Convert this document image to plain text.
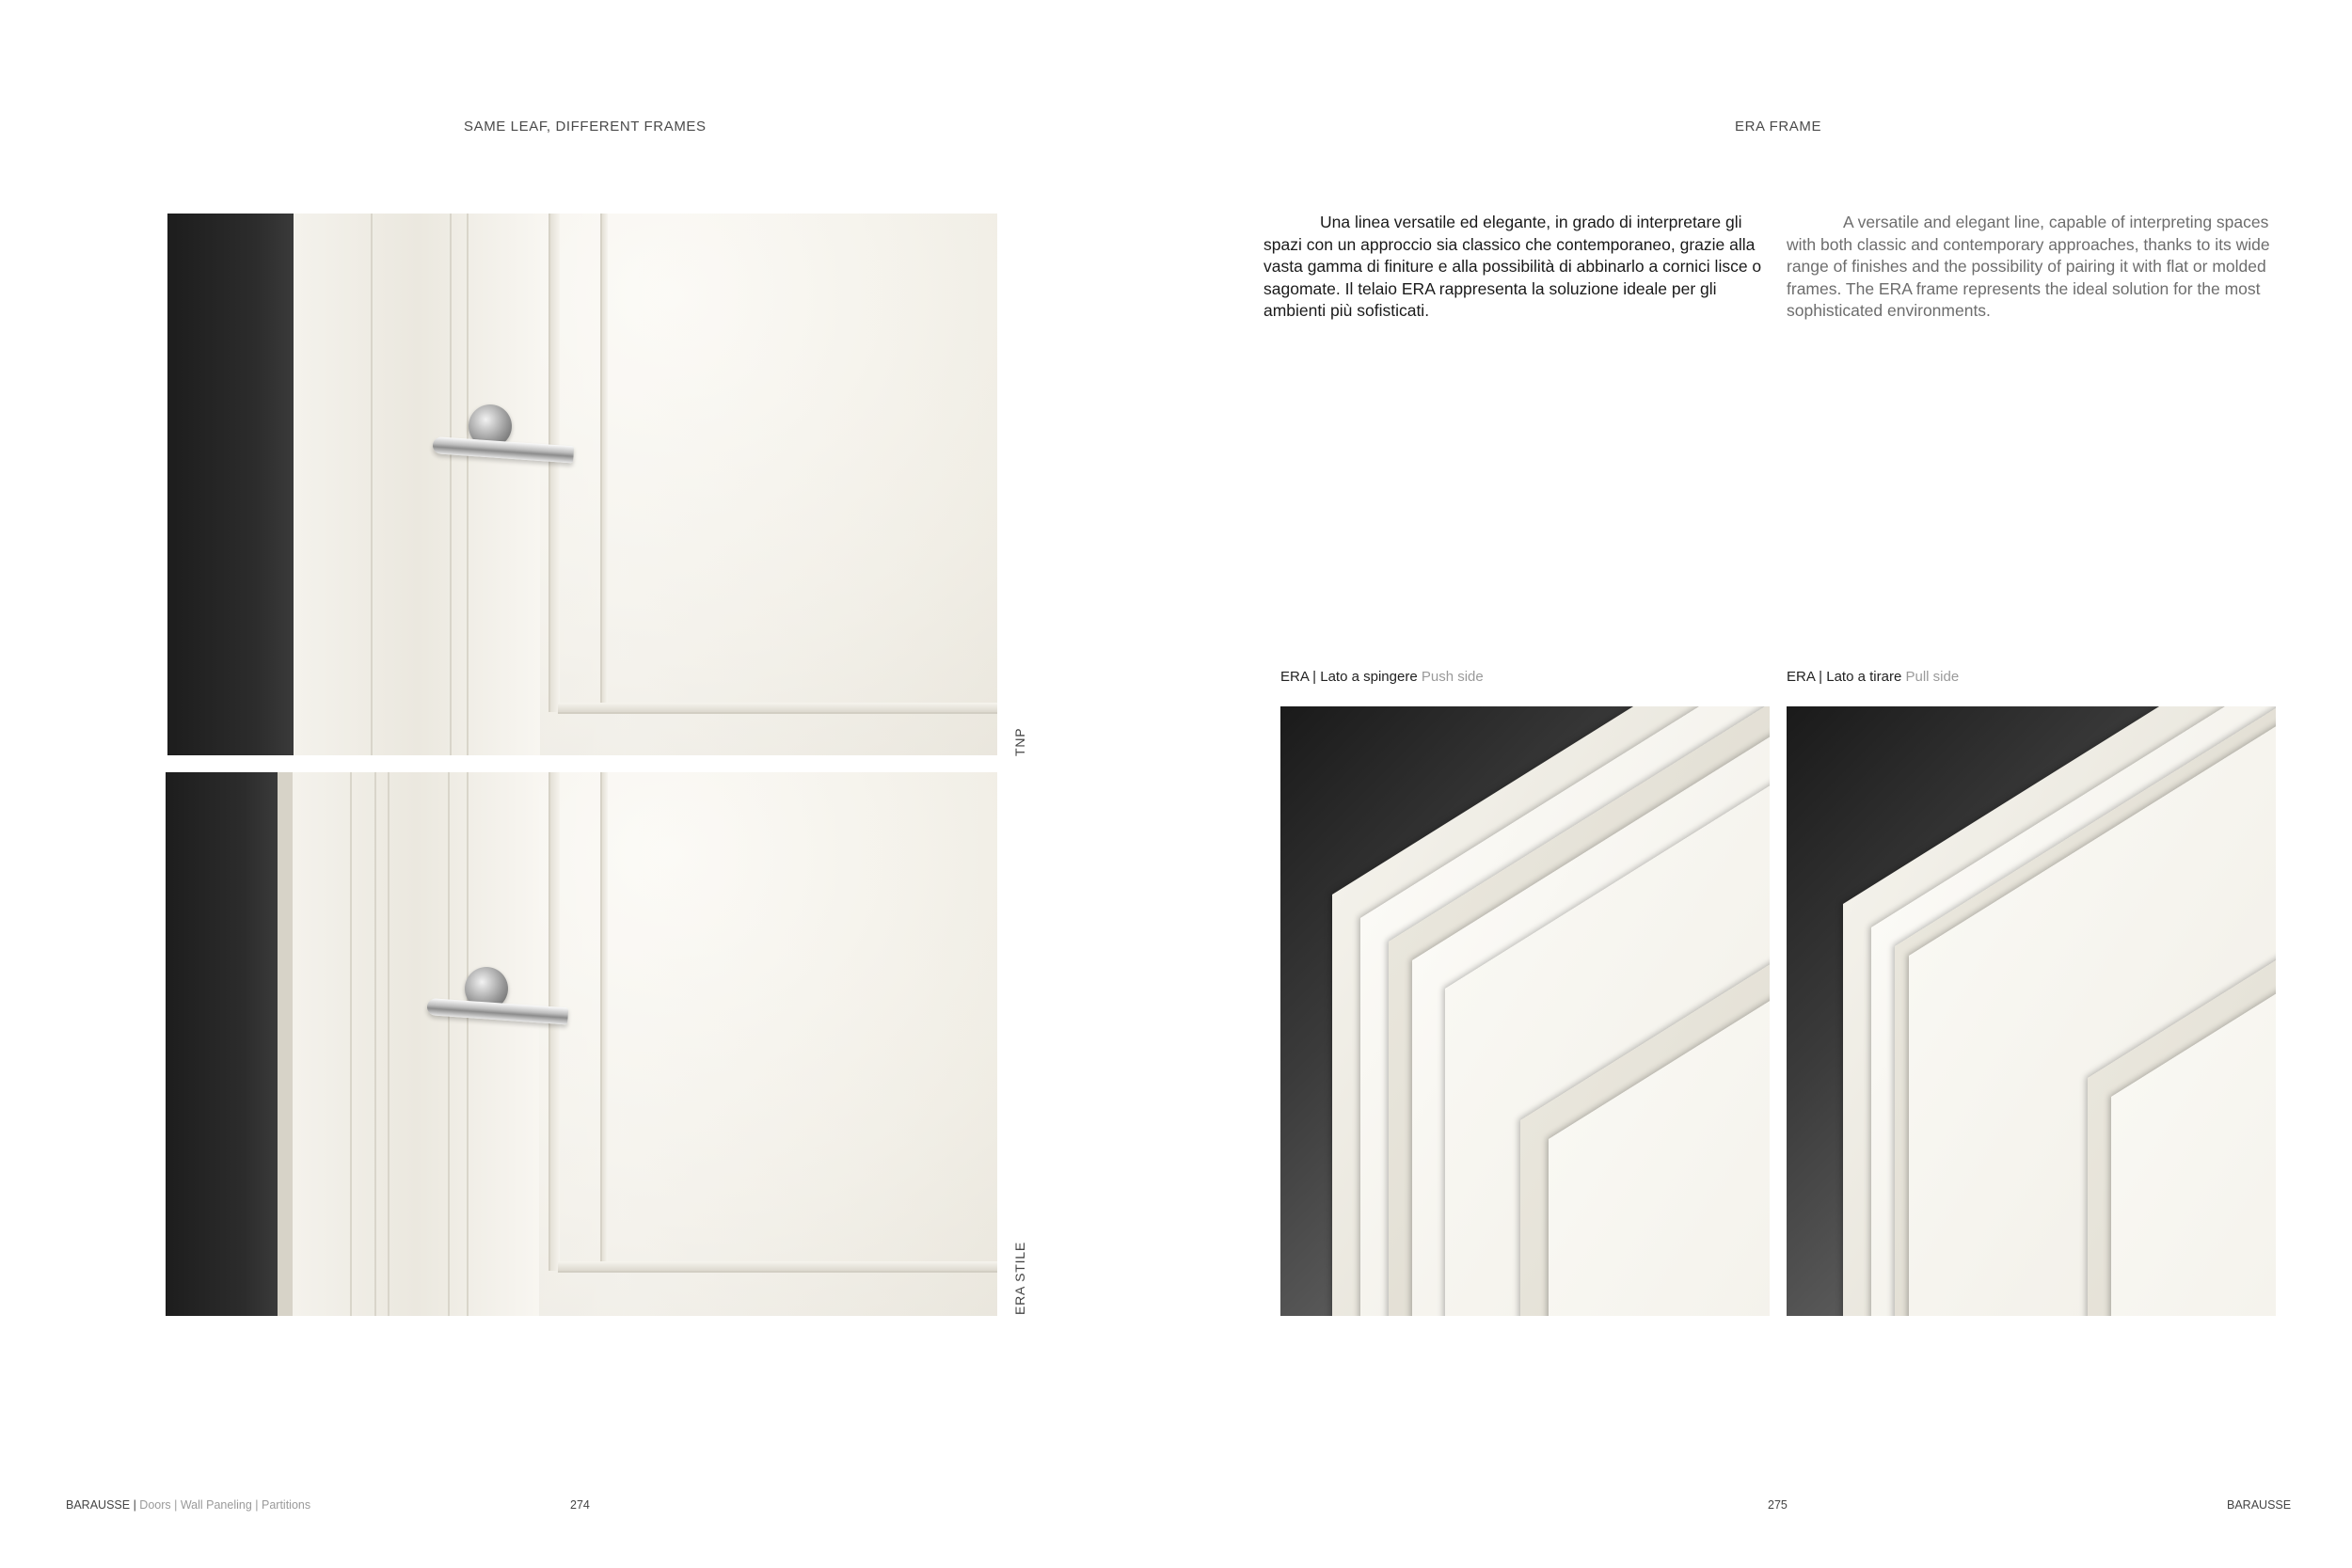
SAME LEAF, DIFFERENT FRAMES
TNP
ERA STILE
BARAUSSE | Doors | Wall Paneling | Partitions	274
ERA FRAME
Una linea versatile ed elegante, in grado di interpretare gli spazi con un approccio sia classico che contemporaneo, grazie alla vasta gamma di finiture e alla possibilità di abbinarlo a cornici lisce o sagomate. Il telaio ERA rappresenta la soluzione ideale per gli ambienti più sofisticati.
A versatile and elegant line, capable of interpreting spaces with both classic and contemporary approaches, thanks to its wide range of finishes and the possibility of pairing it with flat or molded frames. The ERA frame represents the ideal solution for the most sophisticated environments.
ERA | Lato a spingere Push side	ERA | Lato a tirare Pull side
275	BARAUSSE
